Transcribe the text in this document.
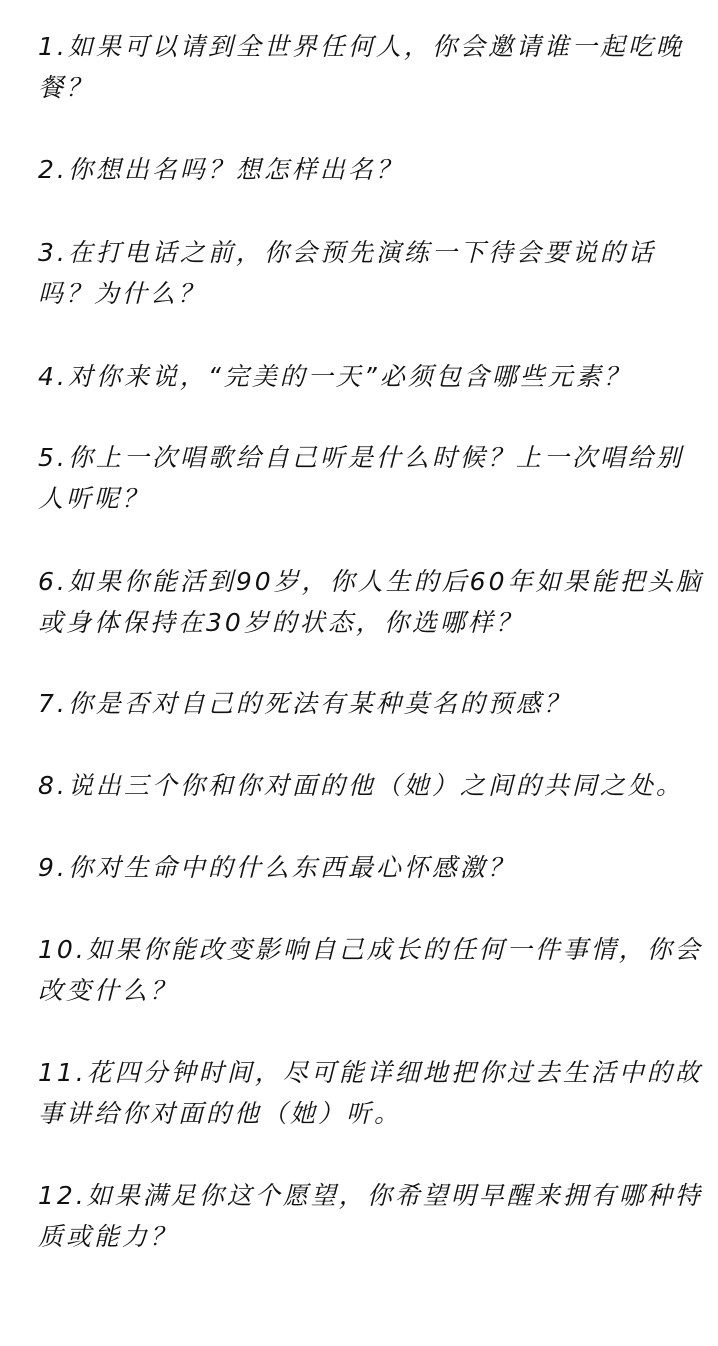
1.如果可以请到全世界任何人，你会邀请谁一起吃晚
餐？
2.你想出名吗？想怎样出名？
3.在打电话之前，你会预先演练一下待会要说的话
吗？为什么？
4.对你来说，“完美的一天”必须包含哪些元素？
5.你上一次唱歌给自己听是什么时候？上一次唱给别
人听呢？
6.如果你能活到90岁，你人生的后60年如果能把头脑
或身体保持在30岁的状态，你选哪样？
7.你是否对自己的死法有某种莫名的预感？
8.说出三个你和你对面的他（她）之间的共同之处。
9.你对生命中的什么东西最心怀感激？
10.如果你能改变影响自己成长的任何一件事情，你会
改变什么？
11.花四分钟时间，尽可能详细地把你过去生活中的故
事讲给你对面的他（她）听。
12.如果满足你这个愿望，你希望明早醒来拥有哪种特
质或能力？
